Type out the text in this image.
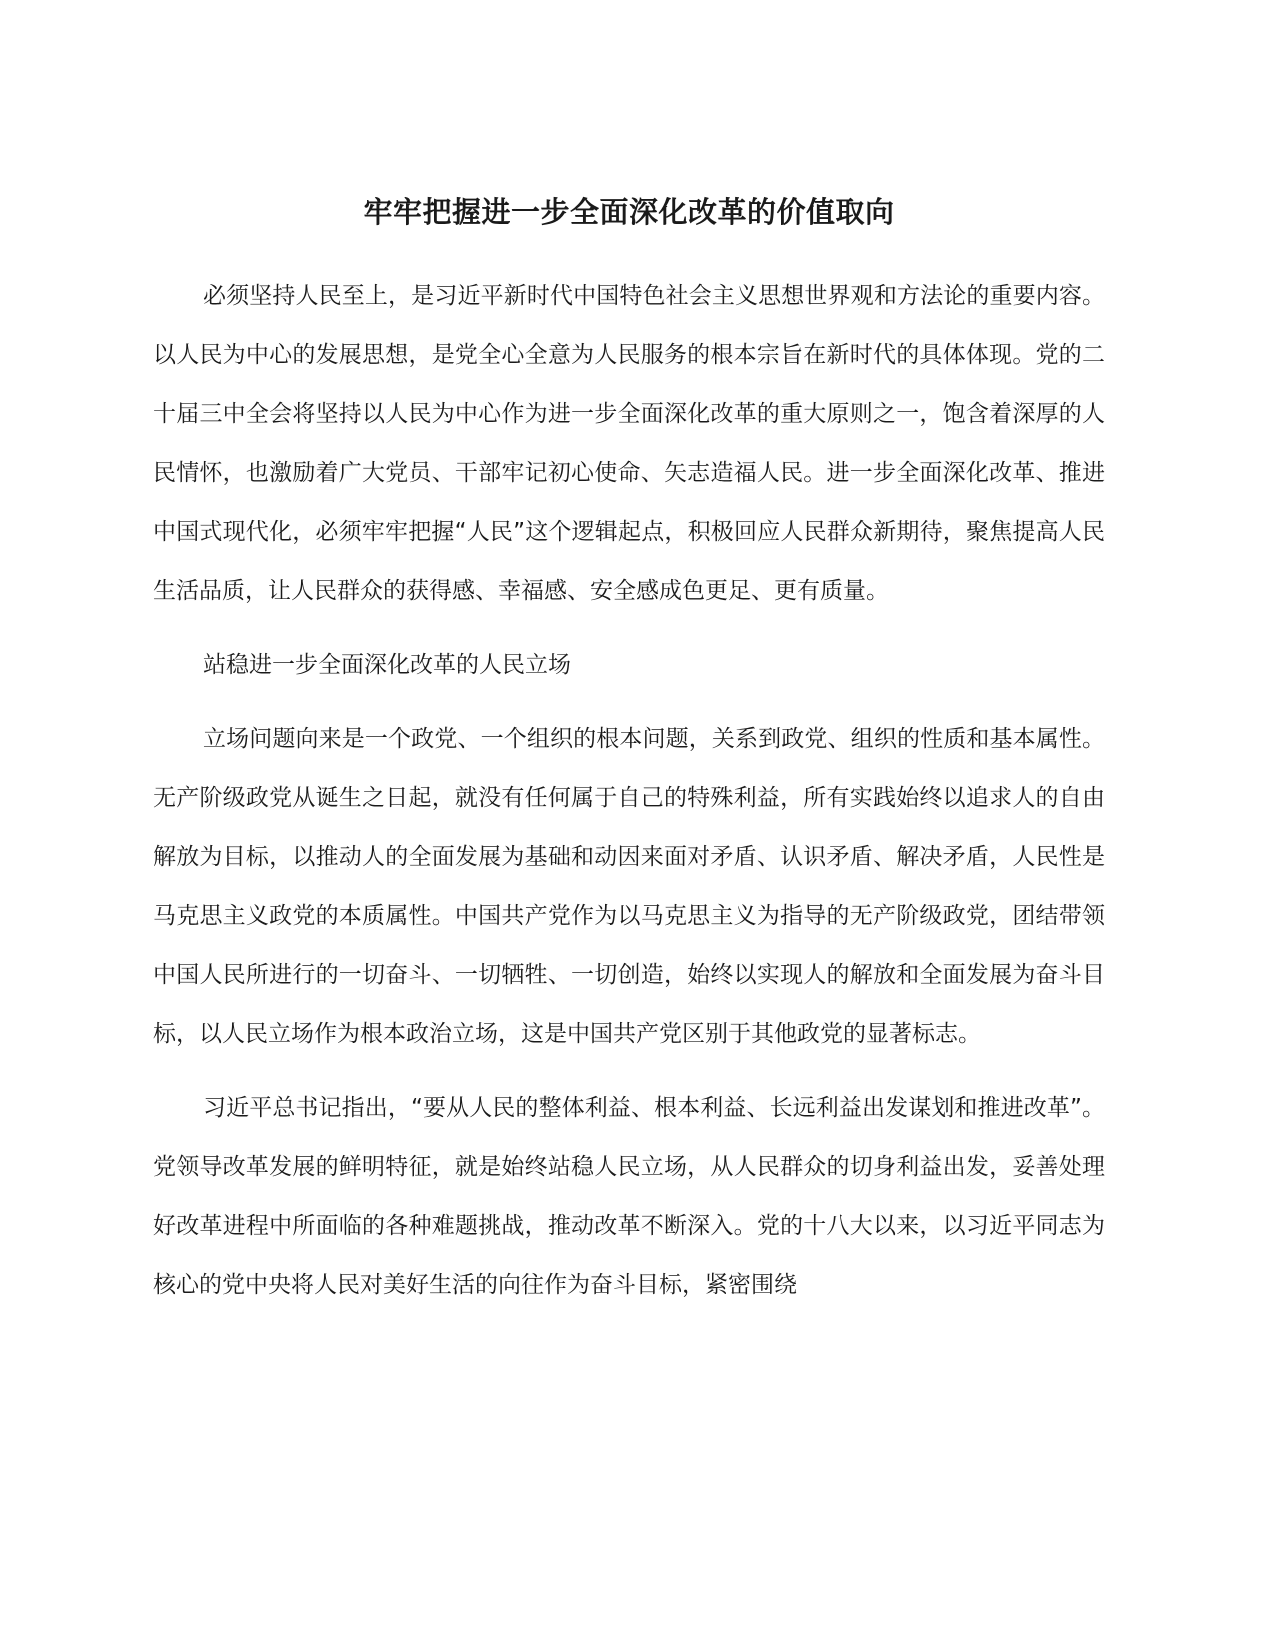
牢牢把握进一步全面深化改革的价值取向

必须坚持人民至上，是习近平新时代中国特色社会主义思想世界观和方法论的重要内容。以人民为中心的发展思想，是党全心全意为人民服务的根本宗旨在新时代的具体体现。党的二十届三中全会将坚持以人民为中心作为进一步全面深化改革的重大原则之一，饱含着深厚的人民情怀，也激励着广大党员、干部牢记初心使命、矢志造福人民。进一步全面深化改革、推进中国式现代化，必须牢牢把握“人民”这个逻辑起点，积极回应人民群众新期待，聚焦提高人民生活品质，让人民群众的获得感、幸福感、安全感成色更足、更有质量。

站稳进一步全面深化改革的人民立场

立场问题向来是一个政党、一个组织的根本问题，关系到政党、组织的性质和基本属性。无产阶级政党从诞生之日起，就没有任何属于自己的特殊利益，所有实践始终以追求人的自由解放为目标，以推动人的全面发展为基础和动因来面对矛盾、认识矛盾、解决矛盾，人民性是马克思主义政党的本质属性。中国共产党作为以马克思主义为指导的无产阶级政党，团结带领中国人民所进行的一切奋斗、一切牺牲、一切创造，始终以实现人的解放和全面发展为奋斗目标，以人民立场作为根本政治立场，这是中国共产党区别于其他政党的显著标志。

习近平总书记指出，“要从人民的整体利益、根本利益、长远利益出发谋划和推进改革”。党领导改革发展的鲜明特征，就是始终站稳人民立场，从人民群众的切身利益出发，妥善处理好改革进程中所面临的各种难题挑战，推动改革不断深入。党的十八大以来，以习近平同志为核心的党中央将人民对美好生活的向往作为奋斗目标，紧密围绕
